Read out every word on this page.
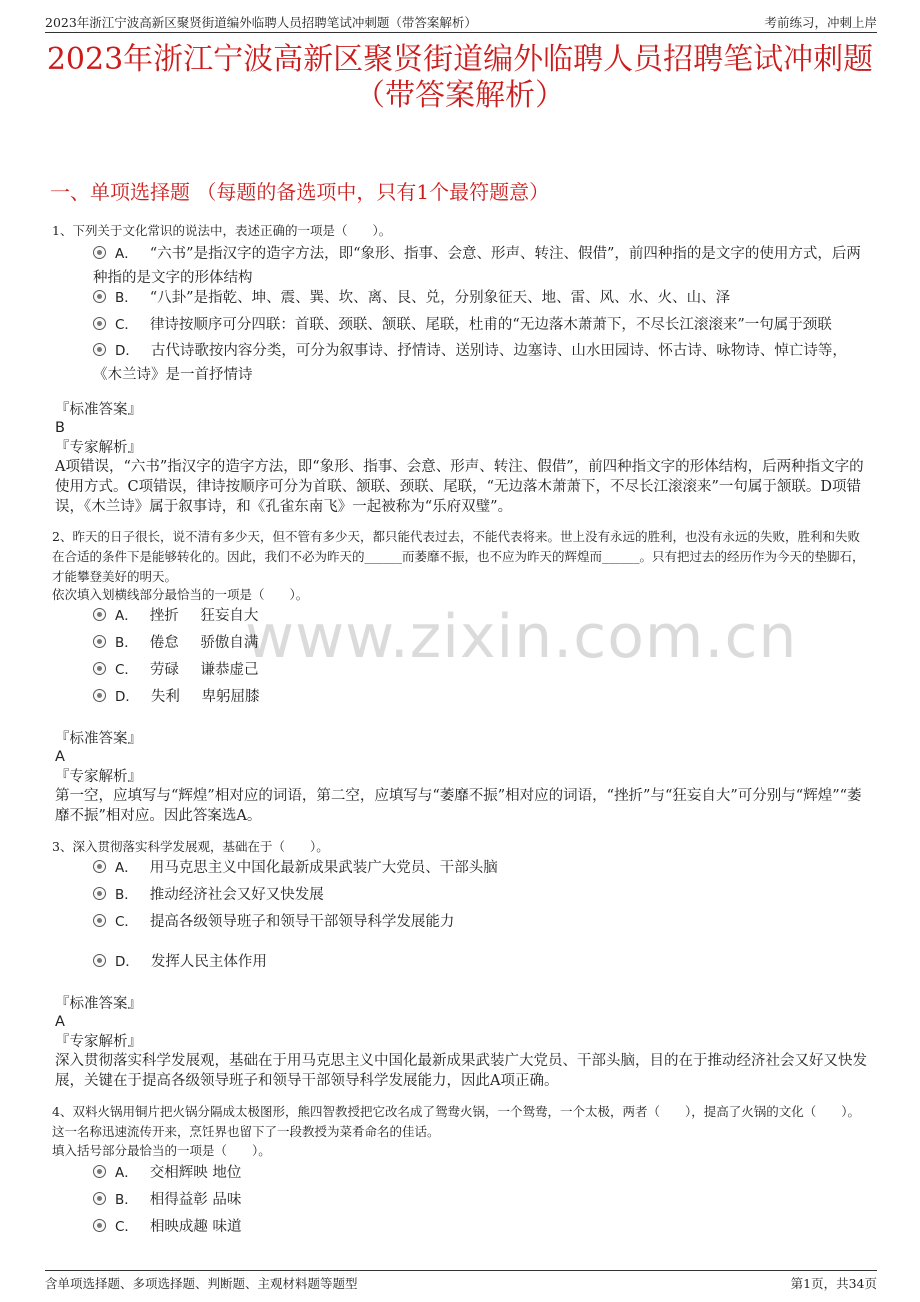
2023年浙江宁波高新区聚贤街道编外临聘人员招聘笔试冲刺题（带答案解析）	考前练习，冲刺上岸
2023年浙江宁波高新区聚贤街道编外临聘人员招聘笔试冲刺题
（带答案解析）
一、单项选择题 （每题的备选项中，只有1个最符题意）
www.zixin.com.cn
1、下列关于文化常识的说法中，表述正确的一项是（　　）。
A． “六书”是指汉字的造字方法，即“象形、指事、会意、形声、转注、假借”，前四种指的是文字的使用方式，后两种指的是文字的形体结构
B． “八卦”是指乾、坤、震、巽、坎、离、艮、兑，分别象征天、地、雷、风、水、火、山、泽
C． 律诗按顺序可分四联：首联、颈联、颔联、尾联，杜甫的“无边落木萧萧下，不尽长江滚滚来”一句属于颈联
D． 古代诗歌按内容分类，可分为叙事诗、抒情诗、送别诗、边塞诗、山水田园诗、怀古诗、咏物诗、悼亡诗等，《木兰诗》是一首抒情诗
『标准答案』
B
『专家解析』
A项错误，“六书”指汉字的造字方法，即“象形、指事、会意、形声、转注、假借”，前四种指文字的形体结构，后两种指文字的使用方式。C项错误，律诗按顺序可分为首联、颔联、颈联、尾联，“无边落木萧萧下，不尽长江滚滚来”一句属于颔联。D项错误，《木兰诗》属于叙事诗，和《孔雀东南飞》一起被称为“乐府双璧”。
2、昨天的日子很长，说不清有多少天，但不管有多少天，都只能代表过去，不能代表将来。世上没有永远的胜利，也没有永远的失败，胜利和失败在合适的条件下是能够转化的。因此，我们不必为昨天的______而萎靡不振，也不应为昨天的辉煌而______。只有把过去的经历作为今天的垫脚石，才能攀登美好的明天。
依次填入划横线部分最恰当的一项是（　　）。
A． 挫折 狂妄自大
B． 倦怠 骄傲自满
C． 劳碌 谦恭虚己
D． 失利 卑躬屈膝
『标准答案』
A
『专家解析』
第一空，应填写与“辉煌”相对应的词语，第二空，应填写与“萎靡不振”相对应的词语，“挫折”与“狂妄自大”可分别与“辉煌”“萎靡不振”相对应。因此答案选A。
3、深入贯彻落实科学发展观，基础在于（　　）。
A． 用马克思主义中国化最新成果武装广大党员、干部头脑
B． 推动经济社会又好又快发展
C． 提高各级领导班子和领导干部领导科学发展能力
D． 发挥人民主体作用
『标准答案』
A
『专家解析』
深入贯彻落实科学发展观，基础在于用马克思主义中国化最新成果武装广大党员、干部头脑，目的在于推动经济社会又好又快发展，关键在于提高各级领导班子和领导干部领导科学发展能力，因此A项正确。
4、双料火锅用铜片把火锅分隔成太极图形，熊四智教授把它改名成了鸳鸯火锅，一个鸳鸯，一个太极，两者（　　），提高了火锅的文化（　　）。这一名称迅速流传开来，烹饪界也留下了一段教授为菜肴命名的佳话。
填入括号部分最恰当的一项是（　　）。
A． 交相辉映 地位
B． 相得益彰 品味
C． 相映成趣 味道
含单项选择题、多项选择题、判断题、主观材料题等题型	第1页，共34页
